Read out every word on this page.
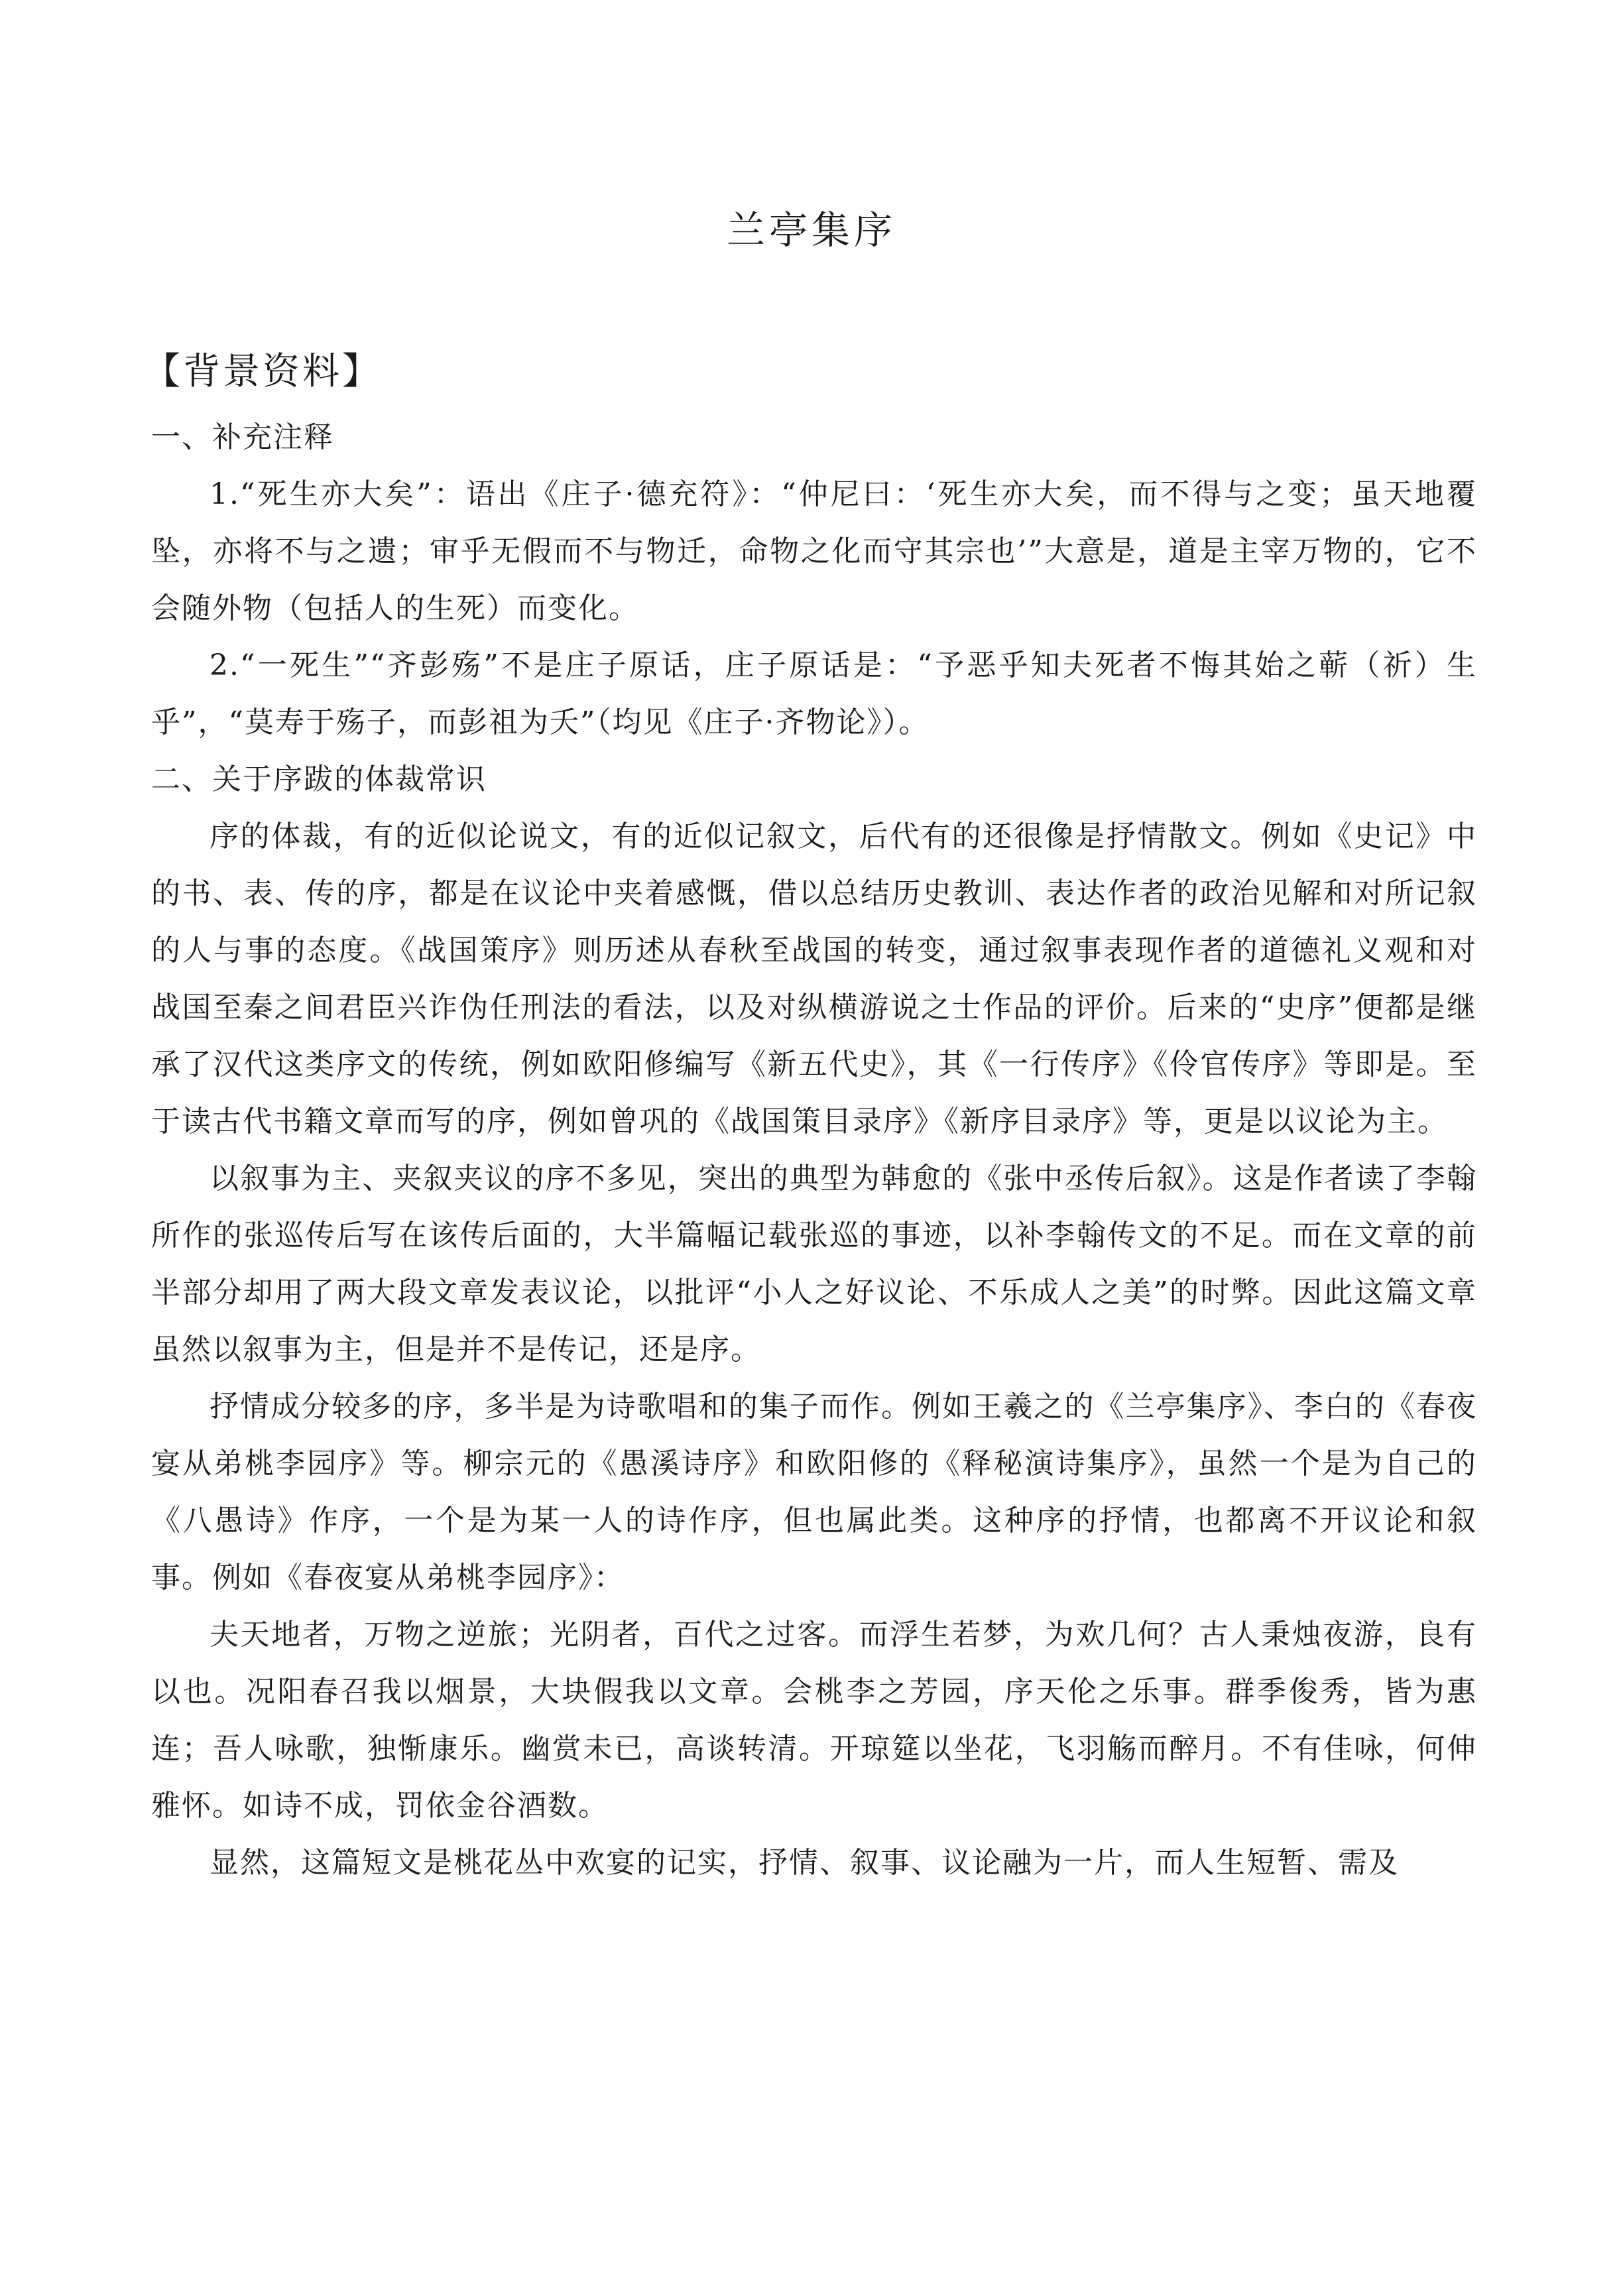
兰亭集序

【背景资料】

一、补充注释

1.“死生亦大矣”：语出《庄子·德充符》：“仲尼曰：‘死生亦大矣，而不得与之变；虽天地覆坠，亦将不与之遗；审乎无假而不与物迁，命物之化而守其宗也’”大意是，道是主宰万物的，它不会随外物（包括人的生死）而变化。

2.“一死生”“齐彭殇”不是庄子原话，庄子原话是：“予恶乎知夫死者不悔其始之蕲（祈）生乎”，“莫寿于殇子，而彭祖为夭”（均见《庄子·齐物论》）。

二、关于序跋的体裁常识

序的体裁，有的近似论说文，有的近似记叙文，后代有的还很像是抒情散文。例如《史记》中的书、表、传的序，都是在议论中夹着感慨，借以总结历史教训、表达作者的政治见解和对所记叙的人与事的态度。《战国策序》则历述从春秋至战国的转变，通过叙事表现作者的道德礼义观和对战国至秦之间君臣兴诈伪任刑法的看法，以及对纵横游说之士作品的评价。后来的“史序”便都是继承了汉代这类序文的传统，例如欧阳修编写《新五代史》，其《一行传序》《伶官传序》等即是。至于读古代书籍文章而写的序，例如曾巩的《战国策目录序》《新序目录序》等，更是以议论为主。

以叙事为主、夹叙夹议的序不多见，突出的典型为韩愈的《张中丞传后叙》。这是作者读了李翰所作的张巡传后写在该传后面的，大半篇幅记载张巡的事迹，以补李翰传文的不足。而在文章的前半部分却用了两大段文章发表议论，以批评“小人之好议论、不乐成人之美”的时弊。因此这篇文章虽然以叙事为主，但是并不是传记，还是序。

抒情成分较多的序，多半是为诗歌唱和的集子而作。例如王羲之的《兰亭集序》、李白的《春夜宴从弟桃李园序》等。柳宗元的《愚溪诗序》和欧阳修的《释秘演诗集序》，虽然一个是为自己的《八愚诗》作序，一个是为某一人的诗作序，但也属此类。这种序的抒情，也都离不开议论和叙事。例如《春夜宴从弟桃李园序》：

夫天地者，万物之逆旅；光阴者，百代之过客。而浮生若梦，为欢几何？古人秉烛夜游，良有以也。况阳春召我以烟景，大块假我以文章。会桃李之芳园，序天伦之乐事。群季俊秀，皆为惠连；吾人咏歌，独惭康乐。幽赏未已，高谈转清。开琼筵以坐花，飞羽觞而醉月。不有佳咏，何伸雅怀。如诗不成，罚依金谷酒数。

显然，这篇短文是桃花丛中欢宴的记实，抒情、叙事、议论融为一片，而人生短暂、需及
